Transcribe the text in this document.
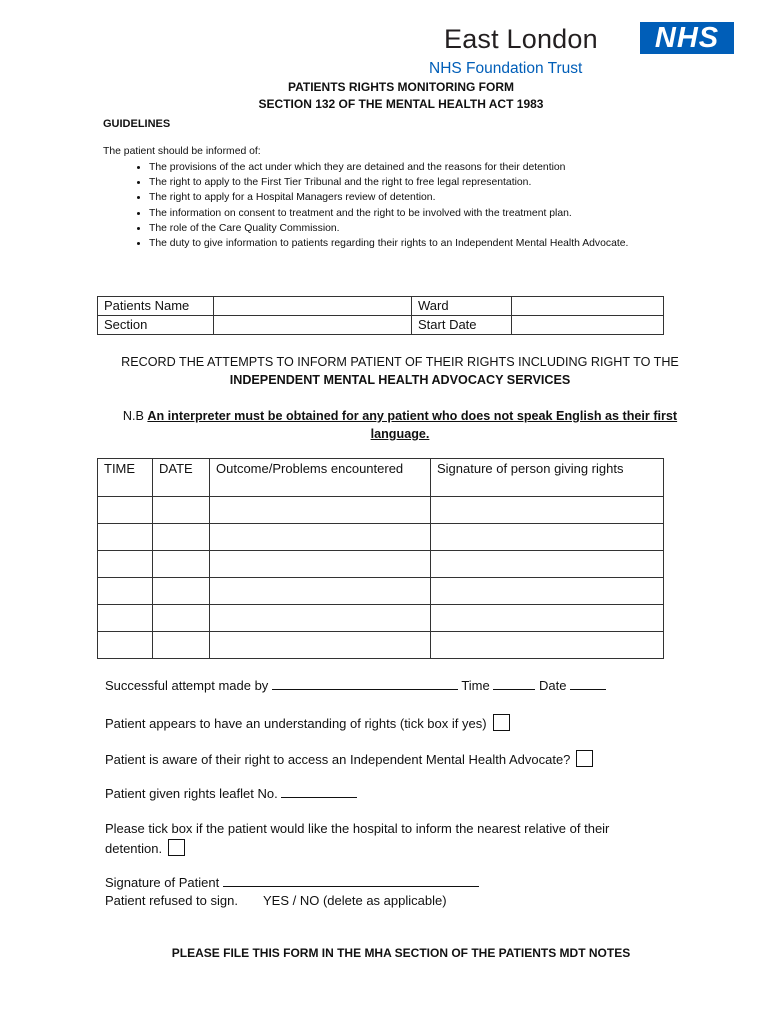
East London
NHS Foundation Trust
NHS
PATIENTS RIGHTS MONITORING FORM
SECTION 132 OF THE MENTAL HEALTH ACT 1983
GUIDELINES
The patient should be informed of:
• The provisions of the act under which they are detained and the reasons for their detention
• The right to apply to the First Tier Tribunal and the right to free legal representation.
• The right to apply for a Hospital Managers review of detention.
• The information on consent to treatment and the right to be involved with the treatment plan.
• The role of the Care Quality Commission.
• The duty to give information to patients regarding their rights to an Independent Mental Health Advocate.
Patients Name		Ward	
Section		Start Date	
RECORD THE ATTEMPTS TO INFORM PATIENT OF THEIR RIGHTS INCLUDING RIGHT TO THE
INDEPENDENT MENTAL HEALTH ADVOCACY SERVICES
N.B An interpreter must be obtained for any patient who does not speak English as their first language.
TIME	DATE	Outcome/Problems encountered	Signature of person giving rights

Successful attempt made by	Time	Date
Patient appears to have an understanding of rights (tick box if yes)
Patient is aware of their right to access an Independent Mental Health Advocate?
Patient given rights leaflet No.
Please tick box if the patient would like the hospital to inform the nearest relative of their
detention.
Signature of Patient
Patient refused to sign. YES / NO (delete as applicable)
PLEASE FILE THIS FORM IN THE MHA SECTION OF THE PATIENTS MDT NOTES
